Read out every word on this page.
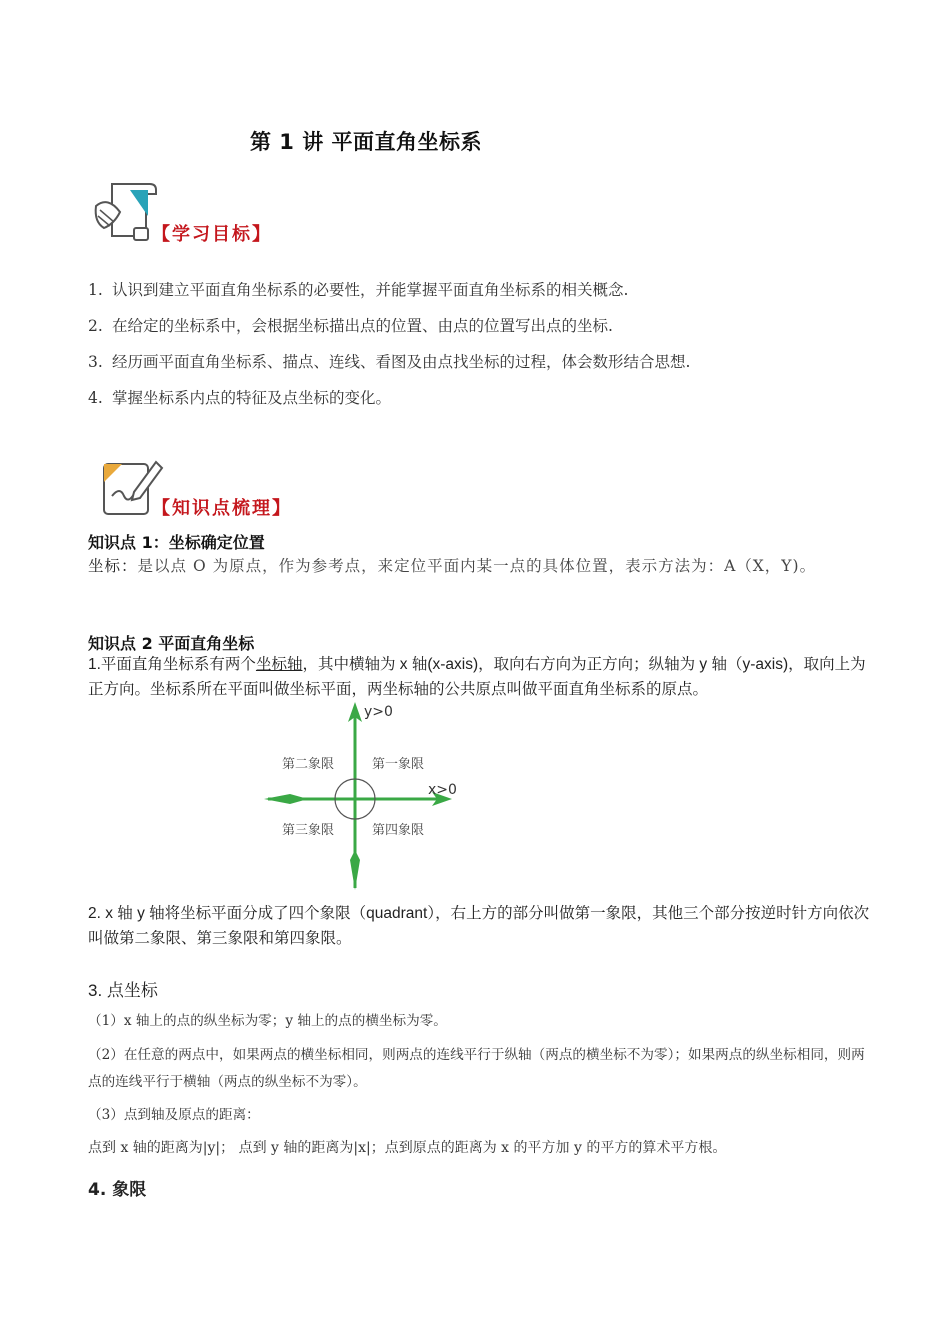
第 1 讲 平面直角坐标系
【学习目标】
1. 认识到建立平面直角坐标系的必要性，并能掌握平面直角坐标系的相关概念.
2. 在给定的坐标系中，会根据坐标描出点的位置、由点的位置写出点的坐标.
3. 经历画平面直角坐标系、描点、连线、看图及由点找坐标的过程，体会数形结合思想.
4. 掌握坐标系内点的特征及点坐标的变化。
【知识点梳理】
知识点 1：坐标确定位置
坐标：是以点 O 为原点，作为参考点，来定位平面内某一点的具体位置，表示方法为：A（X，Y)。
知识点 2 平面直角坐标
1.平面直角坐标系有两个坐标轴，其中横轴为 x 轴(x-axis)，取向右方向为正方向；纵轴为 y 轴（y-axis)，取向上为正方向。坐标系所在平面叫做坐标平面，两坐标轴的公共原点叫做平面直角坐标系的原点。
y>0
x>0
第二象限	第一象限
第三象限	第四象限
2. x 轴 y 轴将坐标平面分成了四个象限（quadrant），右上方的部分叫做第一象限，其他三个部分按逆时针方向依次叫做第二象限、第三象限和第四象限。
3. 点坐标
（1）x 轴上的点的纵坐标为零；y 轴上的点的横坐标为零。
（2）在任意的两点中，如果两点的横坐标相同，则两点的连线平行于纵轴（两点的横坐标不为零）；如果两点的纵坐标相同，则两点的连线平行于横轴（两点的纵坐标不为零）。
（3）点到轴及原点的距离：
点到 x 轴的距离为|y|； 点到 y 轴的距离为|x|；点到原点的距离为 x 的平方加 y 的平方的算术平方根。
4. 象限
